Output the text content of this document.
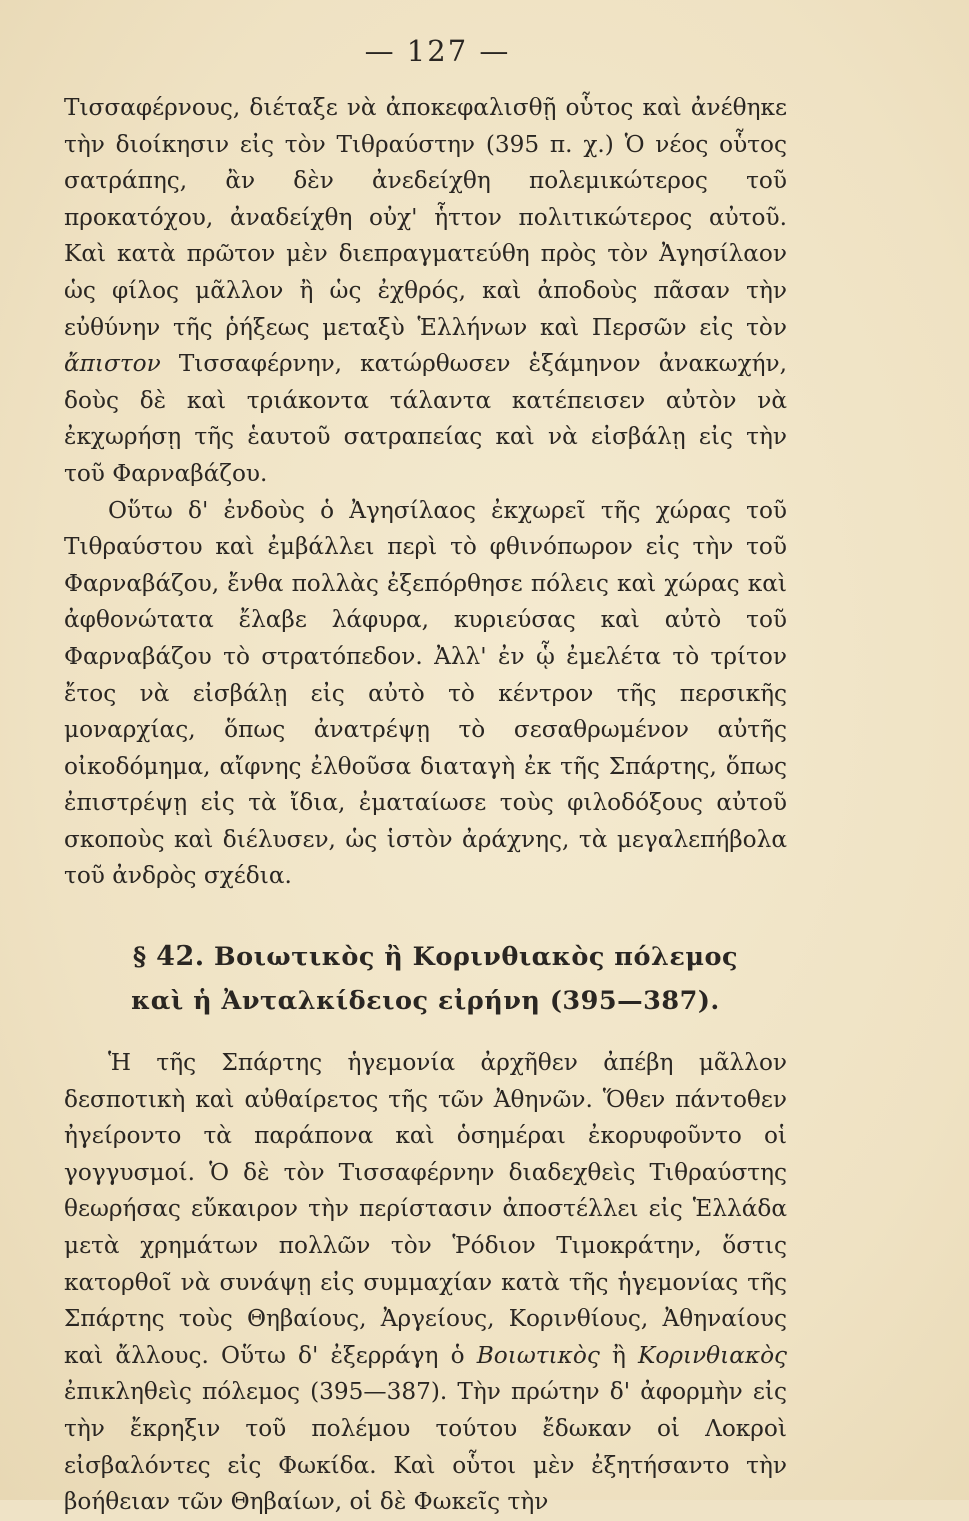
— 127 —

Τισσαφέρνους, διέταξε νὰ ἀποκεφαλισθῇ οὗτος καὶ ἀνέθηκε τὴν διοίκησιν εἰς τὸν Τιθραύστην (395 π. χ.) Ὁ νέος οὗτος σατράπης, ἂν δὲν ἀνεδείχθη πολεμικώτερος τοῦ προκατόχου, ἀναδείχθη οὐχ' ἧττον πολιτικώτερος αὐτοῦ. Καὶ κατὰ πρῶτον μὲν διεπραγματεύθη πρὸς τὸν Ἀγησίλαον ὡς φίλος μᾶλλον ἢ ὡς ἐχθρός, καὶ ἀποδοὺς πᾶσαν τὴν εὐθύνην τῆς ῥήξεως μεταξὺ Ἑλλήνων καὶ Περσῶν εἰς τὸν ἄπιστον Τισσαφέρνην, κατώρθωσεν ἑξάμηνον ἀνακωχήν, δοὺς δὲ καὶ τριάκοντα τάλαντα κατέπεισεν αὐτὸν νὰ ἐκχωρήσῃ τῆς ἑαυτοῦ σατραπείας καὶ νὰ εἰσβάλῃ εἰς τὴν τοῦ Φαρναβάζου.

Οὕτω δ' ἐνδοὺς ὁ Ἀγησίλαος ἐκχωρεῖ τῆς χώρας τοῦ Τιθραύστου καὶ ἐμβάλλει περὶ τὸ φθινόπωρον εἰς τὴν τοῦ Φαρναβάζου, ἔνθα πολλὰς ἐξεπόρθησε πόλεις καὶ χώρας καὶ ἀφθονώτατα ἔλαβε λάφυρα, κυριεύσας καὶ αὐτὸ τοῦ Φαρναβάζου τὸ στρατόπεδον. Ἀλλ' ἐν ᾧ ἐμελέτα τὸ τρίτον ἔτος νὰ εἰσβάλῃ εἰς αὐτὸ τὸ κέντρον τῆς περσικῆς μοναρχίας, ὅπως ἀνατρέψῃ τὸ σεσαθρωμένον αὐτῆς οἰκοδόμημα, αἴφνης ἐλθοῦσα διαταγὴ ἐκ τῆς Σπάρτης, ὅπως ἐπιστρέψῃ εἰς τὰ ἴδια, ἐματαίωσε τοὺς φιλοδόξους αὐτοῦ σκοποὺς καὶ διέλυσεν, ὡς ἱστὸν ἀράχνης, τὰ μεγαλεπήβολα τοῦ ἀνδρὸς σχέδια.

§ 42. Βοιωτικὸς ἢ Κορινθιακὸς πόλεμος
καὶ ἡ Ἀνταλκίδειος εἰρήνη (395—387).

Ἡ τῆς Σπάρτης ἡγεμονία ἀρχῆθεν ἀπέβη μᾶλλον δεσποτικὴ καὶ αὐθαίρετος τῆς τῶν Ἀθηνῶν. Ὅθεν πάντοθεν ἠγείροντο τὰ παράπονα καὶ ὁσημέραι ἐκορυφοῦντο οἱ γογγυσμοί. Ὁ δὲ τὸν Τισσαφέρνην διαδεχθεὶς Τιθραύστης θεωρήσας εὔκαιρον τὴν περίστασιν ἀποστέλλει εἰς Ἑλλάδα μετὰ χρημάτων πολλῶν τὸν Ῥόδιον Τιμοκράτην, ὅστις κατορθοῖ νὰ συνάψῃ εἰς συμμαχίαν κατὰ τῆς ἡγεμονίας τῆς Σπάρτης τοὺς Θηβαίους, Ἀργείους, Κορινθίους, Ἀθηναίους καὶ ἄλλους. Οὕτω δ' ἐξερράγη ὁ Βοιωτικὸς ἢ Κορινθιακὸς ἐπικληθεὶς πόλεμος (395—387). Τὴν πρώτην δ' ἀφορμὴν εἰς τὴν ἔκρηξιν τοῦ πολέμου τούτου ἔδωκαν οἱ Λοκροὶ εἰσβαλόντες εἰς Φωκίδα. Καὶ οὗτοι μὲν ἐξητήσαντο τὴν βοήθειαν τῶν Θηβαίων, οἱ δὲ Φωκεῖς τὴν
